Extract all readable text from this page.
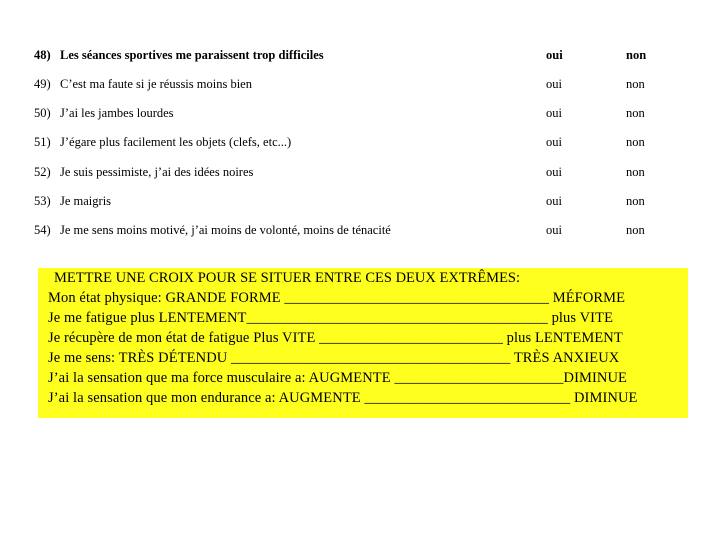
48) Les séances sportives me paraissent trop difficiles	oui	non
49) C’est ma faute si je réussis moins bien	oui	non
50) J’ai les jambes lourdes	oui	non
51) J’égare plus facilement les objets (clefs, etc...)	oui	non
52) Je suis pessimiste, j’ai des idées noires	oui	non
53) Je maigris	oui	non
54) Je me sens moins motivé, j’ai moins de volonté, moins de ténacité	oui	non
METTRE UNE CROIX POUR SE SITUER ENTRE CES DEUX EXTRÊMES:
Mon état physique: GRANDE FORME ____________________________________ MÉFORME
Je me fatigue plus LENTEMENT_________________________________________ plus VITE
Je récupère de mon état de fatigue Plus VITE _________________________ plus LENTEMENT
Je me sens: TRÈS DÉTENDU ______________________________________ TRÈS ANXIEUX
J’ai la sensation que ma force musculaire a: AUGMENTE _______________________DIMINUE
J’ai la sensation que mon endurance a: AUGMENTE ____________________________ DIMINUE
